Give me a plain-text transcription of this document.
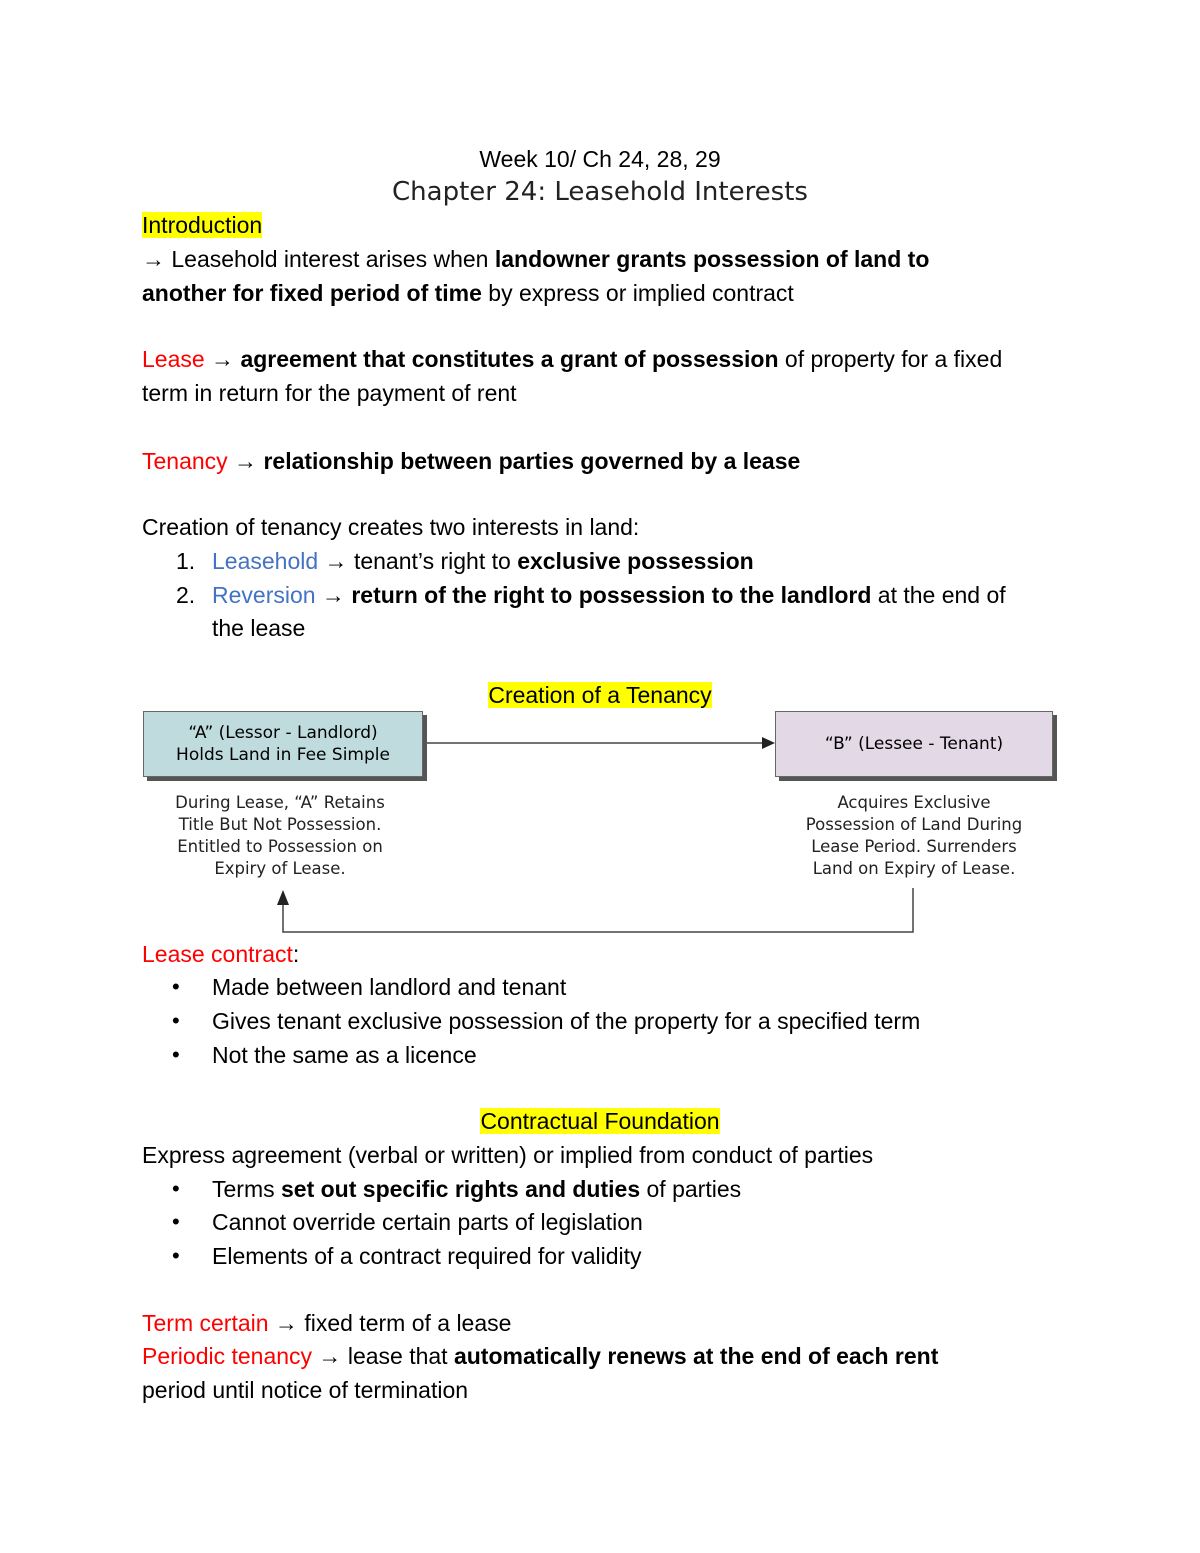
Week 10/ Ch 24, 28, 29
Chapter 24: Leasehold Interests
Introduction
→ Leasehold interest arises when landowner grants possession of land to
another for fixed period of time by express or implied contract
Lease → agreement that constitutes a grant of possession of property for a fixed
term in return for the payment of rent
Tenancy → relationship between parties governed by a lease
Creation of tenancy creates two interests in land:
1. Leasehold → tenant’s right to exclusive possession
2. Reversion → return of the right to possession to the landlord at the end of
the lease
Creation of a Tenancy
“A” (Lessor - Landlord) Holds Land in Fee Simple
“B” (Lessee - Tenant)
During Lease, “A” Retains
Title But Not Possession.
Entitled to Possession on
Expiry of Lease.
Acquires Exclusive
Possession of Land During
Lease Period. Surrenders
Land on Expiry of Lease.
Lease contract:
• Made between landlord and tenant
• Gives tenant exclusive possession of the property for a specified term
• Not the same as a licence
Contractual Foundation
Express agreement (verbal or written) or implied from conduct of parties
• Terms set out specific rights and duties of parties
• Cannot override certain parts of legislation
• Elements of a contract required for validity
Term certain → fixed term of a lease
Periodic tenancy → lease that automatically renews at the end of each rent
period until notice of termination
